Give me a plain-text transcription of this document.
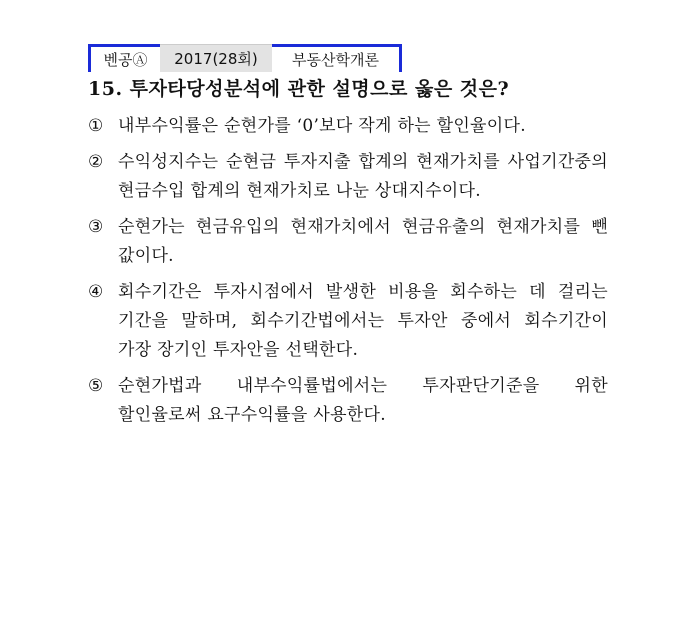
벤공Ⓐ	2017(28회)	부동산학개론
15. 투자타당성분석에 관한 설명으로 옳은 것은?
① 내부수익률은 순현가를 ‘0’보다 작게 하는 할인율이다.
② 수익성지수는 순현금 투자지출 합계의 현재가치를 사업기간중의 현금수입 합계의 현재가치로 나눈 상대지수이다.
③ 순현가는 현금유입의 현재가치에서 현금유출의 현재가치를 뺀 값이다.
④ 회수기간은 투자시점에서 발생한 비용을 회수하는 데 걸리는 기간을 말하며, 회수기간법에서는 투자안 중에서 회수기간이 가장 장기인 투자안을 선택한다.
⑤ 순현가법과 내부수익률법에서는 투자판단기준을 위한 할인율로써 요구수익률을 사용한다.
